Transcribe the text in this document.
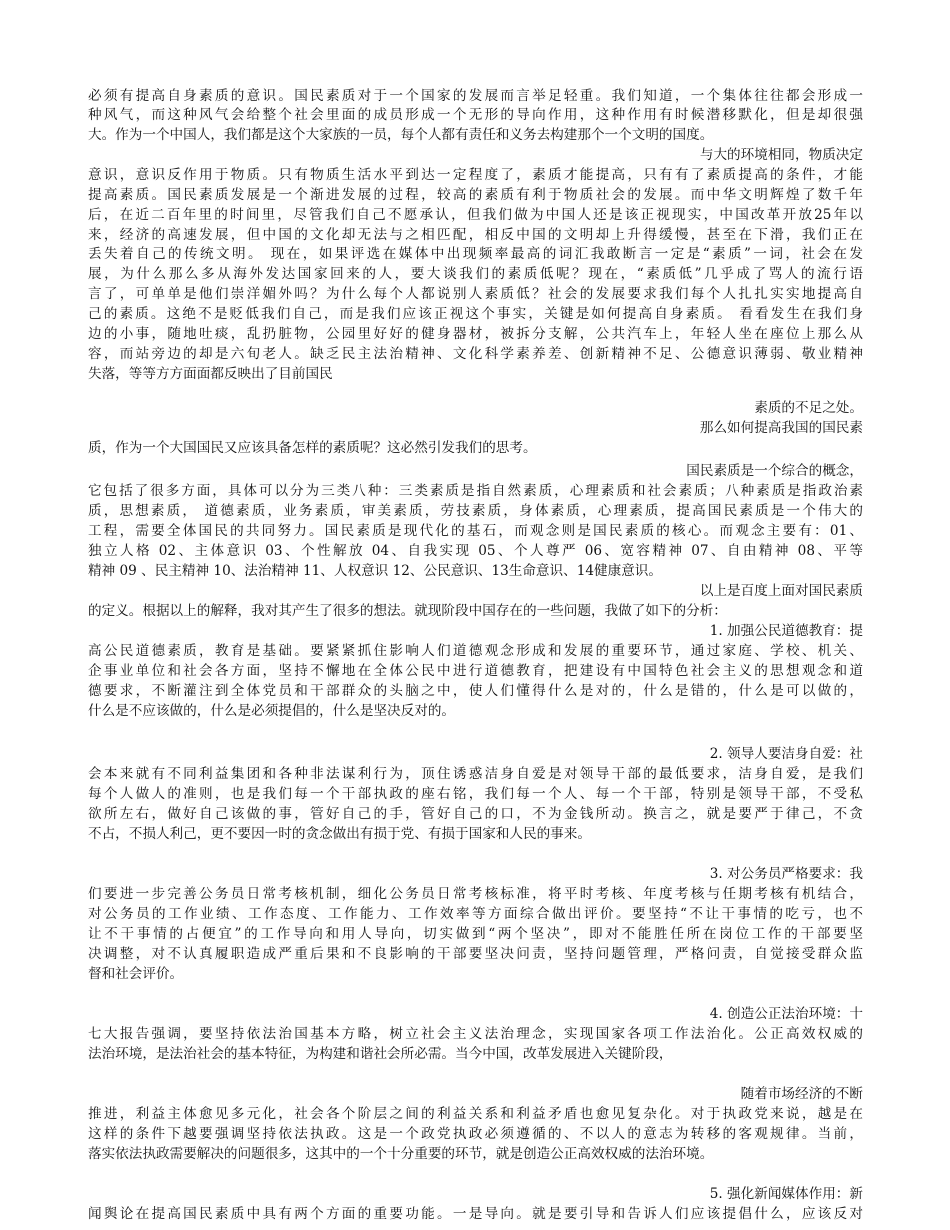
必须有提高自身素质的意识。国民素质对于一个国家的发展而言举足轻重。我们知道，一个集体往往都会形成一
种风气，而这种风气会给整个社会里面的成员形成一个无形的导向作用，这种作用有时候潜移默化，但是却很强
大。作为一个中国人，我们都是这个大家族的一员，每个人都有责任和义务去构建那个一个文明的国度。
与大的环境相同，物质决定
意识，意识反作用于物质。只有物质生活水平到达一定程度了，素质才能提高，只有有了素质提高的条件，才能
提高素质。国民素质发展是一个渐进发展的过程，较高的素质有利于物质社会的发展。而中华文明辉煌了数千年
后，在近二百年里的时间里，尽管我们自己不愿承认，但我们做为中国人还是该正视现实，中国改革开放25年以
来，经济的高速发展，但中国的文化却无法与之相匹配，相反中国的文明却上升得缓慢，甚至在下滑，我们正在
丢失着自己的传统文明。 现在，如果评选在媒体中出现频率最高的词汇我敢断言一定是“素质”一词，社会在发
展，为什么那么多从海外发达国家回来的人，要大谈我们的素质低呢？现在，“素质低”几乎成了骂人的流行语
言了，可单单是他们崇洋媚外吗？为什么每个人都说别人素质低？社会的发展要求我们每个人扎扎实实地提高自
己的素质。这绝不是贬低我们自己，而是我们应该正视这个事实，关键是如何提高自身素质。 看看发生在我们身
边的小事，随地吐痰，乱扔脏物，公园里好好的健身器材，被拆分支解，公共汽车上，年轻人坐在座位上那么从
容，而站旁边的却是六旬老人。缺乏民主法治精神、文化科学素养差、创新精神不足、公德意识薄弱、敬业精神
失落，等等方方面面都反映出了目前国民
素质的不足之处。
那么如何提高我国的国民素
质，作为一个大国国民又应该具备怎样的素质呢？这必然引发我们的思考。
国民素质是一个综合的概念，
它包括了很多方面，具体可以分为三类八种：三类素质是指自然素质，心理素质和社会素质；八种素质是指政治素
质，思想素质， 道德素质，业务素质，审美素质，劳技素质，身体素质，心理素质，提高国民素质是一个伟大的
工程，需要全体国民的共同努力。国民素质是现代化的基石，而观念则是国民素质的核心。而观念主要有：01、
独立人格 02、主体意识 03、个性解放 04、自我实现 05、个人尊严 06、宽容精神 07、自由精神 08、平等
精神 09 、民主精神 10、法治精神 11、人权意识 12、公民意识、13生命意识、14健康意识。
以上是百度上面对国民素质
的定义。根据以上的解释，我对其产生了很多的想法。就现阶段中国存在的一些问题，我做了如下的分析：
1. 加强公民道德教育：提
高公民道德素质，教育是基础。要紧紧抓住影响人们道德观念形成和发展的重要环节，通过家庭、学校、机关、
企事业单位和社会各方面，坚持不懈地在全体公民中进行道德教育，把建设有中国特色社会主义的思想观念和道
德要求，不断灌注到全体党员和干部群众的头脑之中，使人们懂得什么是对的，什么是错的，什么是可以做的，
什么是不应该做的，什么是必须提倡的，什么是坚决反对的。
2. 领导人要洁身自爱：社
会本来就有不同利益集团和各种非法谋利行为，顶住诱惑洁身自爱是对领导干部的最低要求，洁身自爱，是我们
每个人做人的准则，也是我们每一个干部执政的座右铭，我们每一个人、每一个干部，特别是领导干部，不受私
欲所左右，做好自己该做的事，管好自己的手，管好自己的口，不为金钱所动。换言之，就是要严于律己，不贪
不占，不损人利己，更不要因一时的贪念做出有损于党、有损于国家和人民的事来。
3. 对公务员严格要求：我
们要进一步完善公务员日常考核机制，细化公务员日常考核标准，将平时考核、年度考核与任期考核有机结合，
对公务员的工作业绩、工作态度、工作能力、工作效率等方面综合做出评价。要坚持“不让干事情的吃亏，也不
让不干事情的占便宜”的工作导向和用人导向，切实做到“两个坚决”，即对不能胜任所在岗位工作的干部要坚
决调整，对不认真履职造成严重后果和不良影响的干部要坚决问责，坚持问题管理，严格问责，自觉接受群众监
督和社会评价。
4. 创造公正法治环境：十
七大报告强调，要坚持依法治国基本方略，树立社会主义法治理念，实现国家各项工作法治化。公正高效权威的
法治环境，是法治社会的基本特征，为构建和谐社会所必需。当今中国，改革发展进入关键阶段，
随着市场经济的不断
推进，利益主体愈见多元化，社会各个阶层之间的利益关系和利益矛盾也愈见复杂化。对于执政党来说，越是在
这样的条件下越要强调坚持依法执政。这是一个政党执政必须遵循的、不以人的意志为转移的客观规律。当前，
落实依法执政需要解决的问题很多，这其中的一个十分重要的环节，就是创造公正高效权威的法治环境。
5. 强化新闻媒体作用：新
闻舆论在提高国民素质中具有两个方面的重要功能。一是导向。就是要引导和告诉人们应该提倡什么，应该反对
